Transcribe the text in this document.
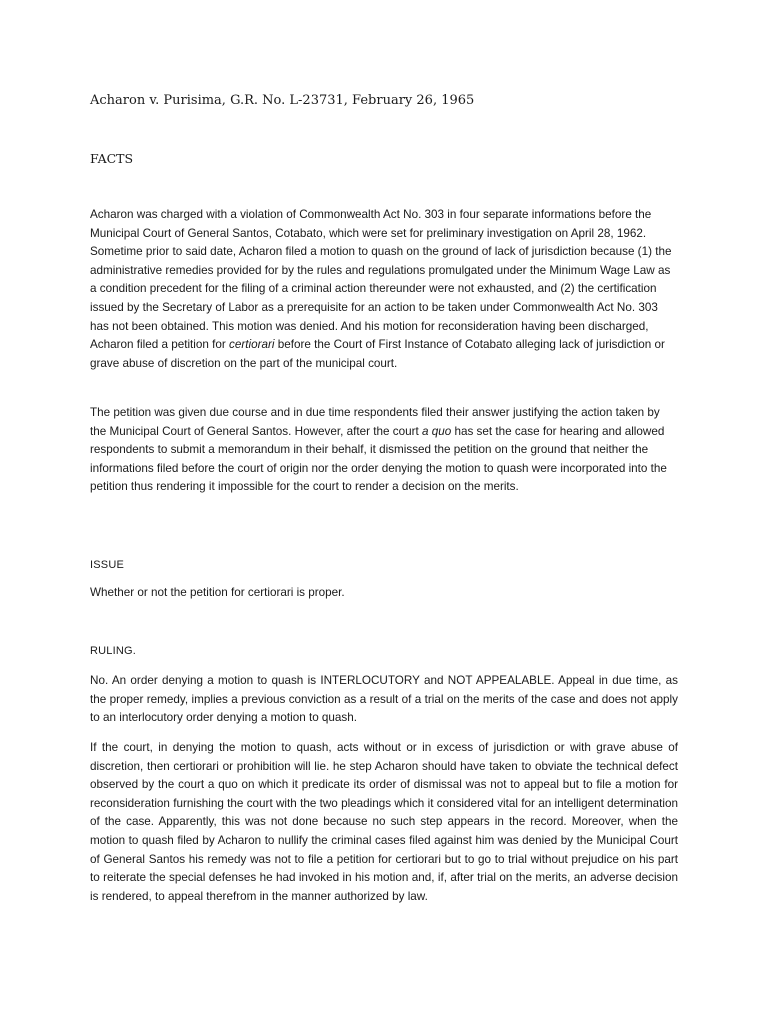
Acharon v. Purisima, G.R. No. L-23731, February 26, 1965
FACTS

Acharon was charged with a violation of Commonwealth Act No. 303 in four separate informations before the Municipal Court of General Santos, Cotabato, which were set for preliminary investigation on April 28, 1962. Sometime prior to said date, Acharon filed a motion to quash on the ground of lack of jurisdiction because (1) the administrative remedies provided for by the rules and regulations promulgated under the Minimum Wage Law as a condition precedent for the filing of a criminal action thereunder were not exhausted, and (2) the certification issued by the Secretary of Labor as a prerequisite for an action to be taken under Commonwealth Act No. 303 has not been obtained. This motion was denied. And his motion for reconsideration having been discharged, Acharon filed a petition for certiorari before the Court of First Instance of Cotabato alleging lack of jurisdiction or grave abuse of discretion on the part of the municipal court.

The petition was given due course and in due time respondents filed their answer justifying the action taken by the Municipal Court of General Santos. However, after the court a quo has set the case for hearing and allowed respondents to submit a memorandum in their behalf, it dismissed the petition on the ground that neither the informations filed before the court of origin nor the order denying the motion to quash were incorporated into the petition thus rendering it impossible for the court to render a decision on the merits.

ISSUE
Whether or not the petition for certiorari is proper.
RULING.

No. An order denying a motion to quash is INTERLOCUTORY and NOT APPEALABLE. Appeal in due time, as the proper remedy, implies a previous conviction as a result of a trial on the merits of the case and does not apply to an interlocutory order denying a motion to quash.

If the court, in denying the motion to quash, acts without or in excess of jurisdiction or with grave abuse of discretion, then certiorari or prohibition will lie. he step Acharon should have taken to obviate the technical defect observed by the court a quo on which it predicate its order of dismissal was not to appeal but to file a motion for reconsideration furnishing the court with the two pleadings which it considered vital for an intelligent determination of the case. Apparently, this was not done because no such step appears in the record. Moreover, when the motion to quash filed by Acharon to nullify the criminal cases filed against him was denied by the Municipal Court of General Santos his remedy was not to file a petition for certiorari but to go to trial without prejudice on his part to reiterate the special defenses he had invoked in his motion and, if, after trial on the merits, an adverse decision is rendered, to appeal therefrom in the manner authorized by law.
